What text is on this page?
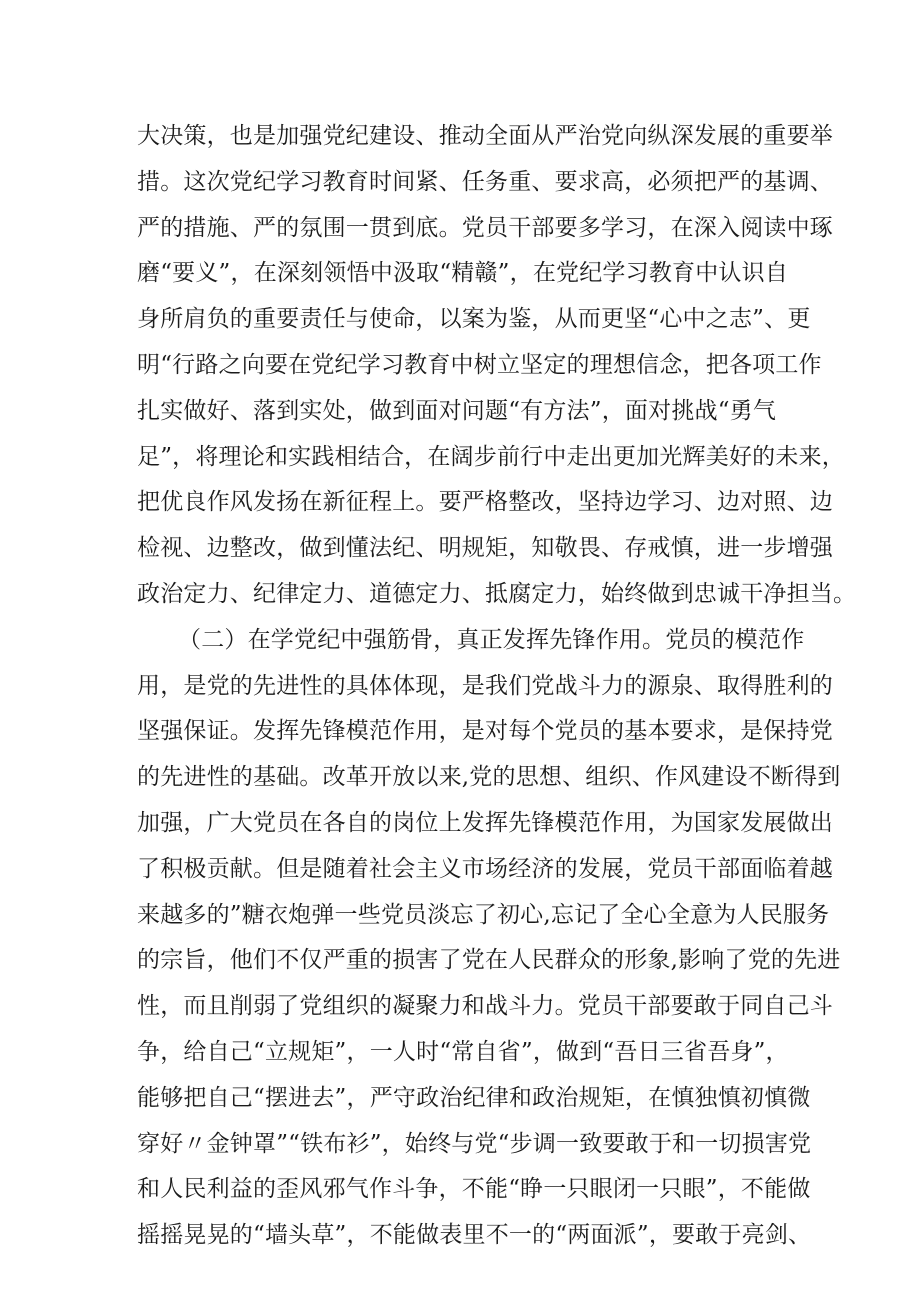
大决策，也是加强党纪建设、推动全面从严治党向纵深发展的重要举
措。这次党纪学习教育时间紧、任务重、要求高，必须把严的基调、
严的措施、严的氛围一贯到底。党员干部要多学习，在深入阅读中琢
磨“要义”，在深刻领悟中汲取“精赣”，在党纪学习教育中认识自
身所肩负的重要责任与使命，以案为鉴，从而更坚“心中之志”、更
明“行路之向要在党纪学习教育中树立坚定的理想信念，把各项工作
扎实做好、落到实处，做到面对问题“有方法”，面对挑战“勇气
足”，将理论和实践相结合，在阔步前行中走出更加光辉美好的未来，
把优良作风发扬在新征程上。要严格整改，坚持边学习、边对照、边
检视、边整改，做到懂法纪、明规矩，知敬畏、存戒慎，进一步增强
政治定力、纪律定力、道德定力、抵腐定力，始终做到忠诚干净担当。
（二）在学党纪中强筋骨，真正发挥先锋作用。党员的模范作
用，是党的先进性的具体体现，是我们党战斗力的源泉、取得胜利的
坚强保证。发挥先锋模范作用，是对每个党员的基本要求，是保持党
的先进性的基础。改革开放以来,党的思想、组织、作风建设不断得到
加强，广大党员在各自的岗位上发挥先锋模范作用，为国家发展做出
了积极贡献。但是随着社会主义市场经济的发展，党员干部面临着越
来越多的”糖衣炮弹一些党员淡忘了初心,忘记了全心全意为人民服务
的宗旨，他们不仅严重的损害了党在人民群众的形象,影响了党的先进
性，而且削弱了党组织的凝聚力和战斗力。党员干部要敢于同自己斗
争，给自己“立规矩”，一人时“常自省”，做到“吾日三省吾身”，
能够把自己“摆进去”，严守政治纪律和政治规矩，在慎独慎初慎微
穿好〃金钟罩”“铁布衫”，始终与党“步调一致要敢于和一切损害党
和人民利益的歪风邪气作斗争，不能“睁一只眼闭一只眼”，不能做
摇摇晃晃的“墙头草”，不能做表里不一的“两面派”，要敢于亮剑、
